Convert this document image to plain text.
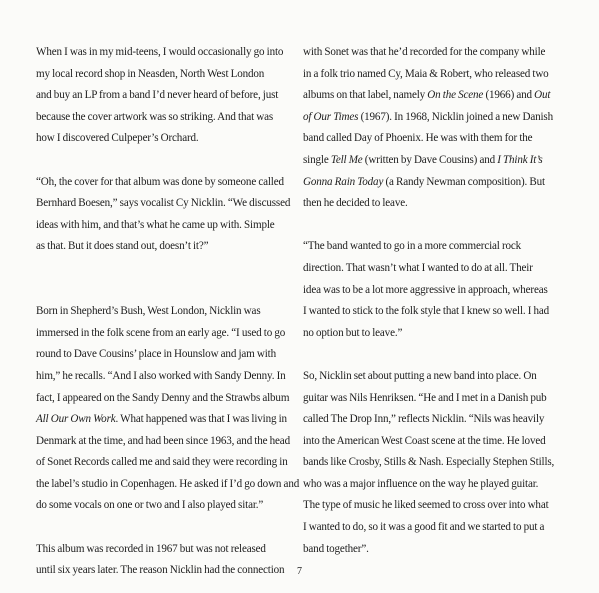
When I was in my mid-teens, I would occasionally go into
my local record shop in Neasden, North West London
and buy an LP from a band I’d never heard of before, just
because the cover artwork was so striking. And that was
how I discovered Culpeper’s Orchard.

“Oh, the cover for that album was done by someone called
Bernhard Boesen,” says vocalist Cy Nicklin. “We discussed
ideas with him, and that’s what he came up with. Simple
as that. But it does stand out, doesn’t it?”

Born in Shepherd’s Bush, West London, Nicklin was
immersed in the folk scene from an early age. “I used to go
round to Dave Cousins’ place in Hounslow and jam with
him,” he recalls. “And I also worked with Sandy Denny. In
fact, I appeared on the Sandy Denny and the Strawbs album
All Our Own Work. What happened was that I was living in
Denmark at the time, and had been since 1963, and the head
of Sonet Records called me and said they were recording in
the label’s studio in Copenhagen. He asked if I’d go down and
do some vocals on one or two and I also played sitar.”

This album was recorded in 1967 but was not released
until six years later. The reason Nicklin had the connection

with Sonet was that he’d recorded for the company while
in a folk trio named Cy, Maia & Robert, who released two
albums on that label, namely On the Scene (1966) and Out
of Our Times (1967). In 1968, Nicklin joined a new Danish
band called Day of Phoenix. He was with them for the
single Tell Me (written by Dave Cousins) and I Think It’s
Gonna Rain Today (a Randy Newman composition). But
then he decided to leave.

“The band wanted to go in a more commercial rock
direction. That wasn’t what I wanted to do at all. Their
idea was to be a lot more aggressive in approach, whereas
I wanted to stick to the folk style that I knew so well. I had
no option but to leave.”

So, Nicklin set about putting a new band into place. On
guitar was Nils Henriksen. “He and I met in a Danish pub
called The Drop Inn,” reflects Nicklin. “Nils was heavily
into the American West Coast scene at the time. He loved
bands like Crosby, Stills & Nash. Especially Stephen Stills,
who was a major influence on the way he played guitar.
The type of music he liked seemed to cross over into what
I wanted to do, so it was a good fit and we started to put a
band together”.

7
